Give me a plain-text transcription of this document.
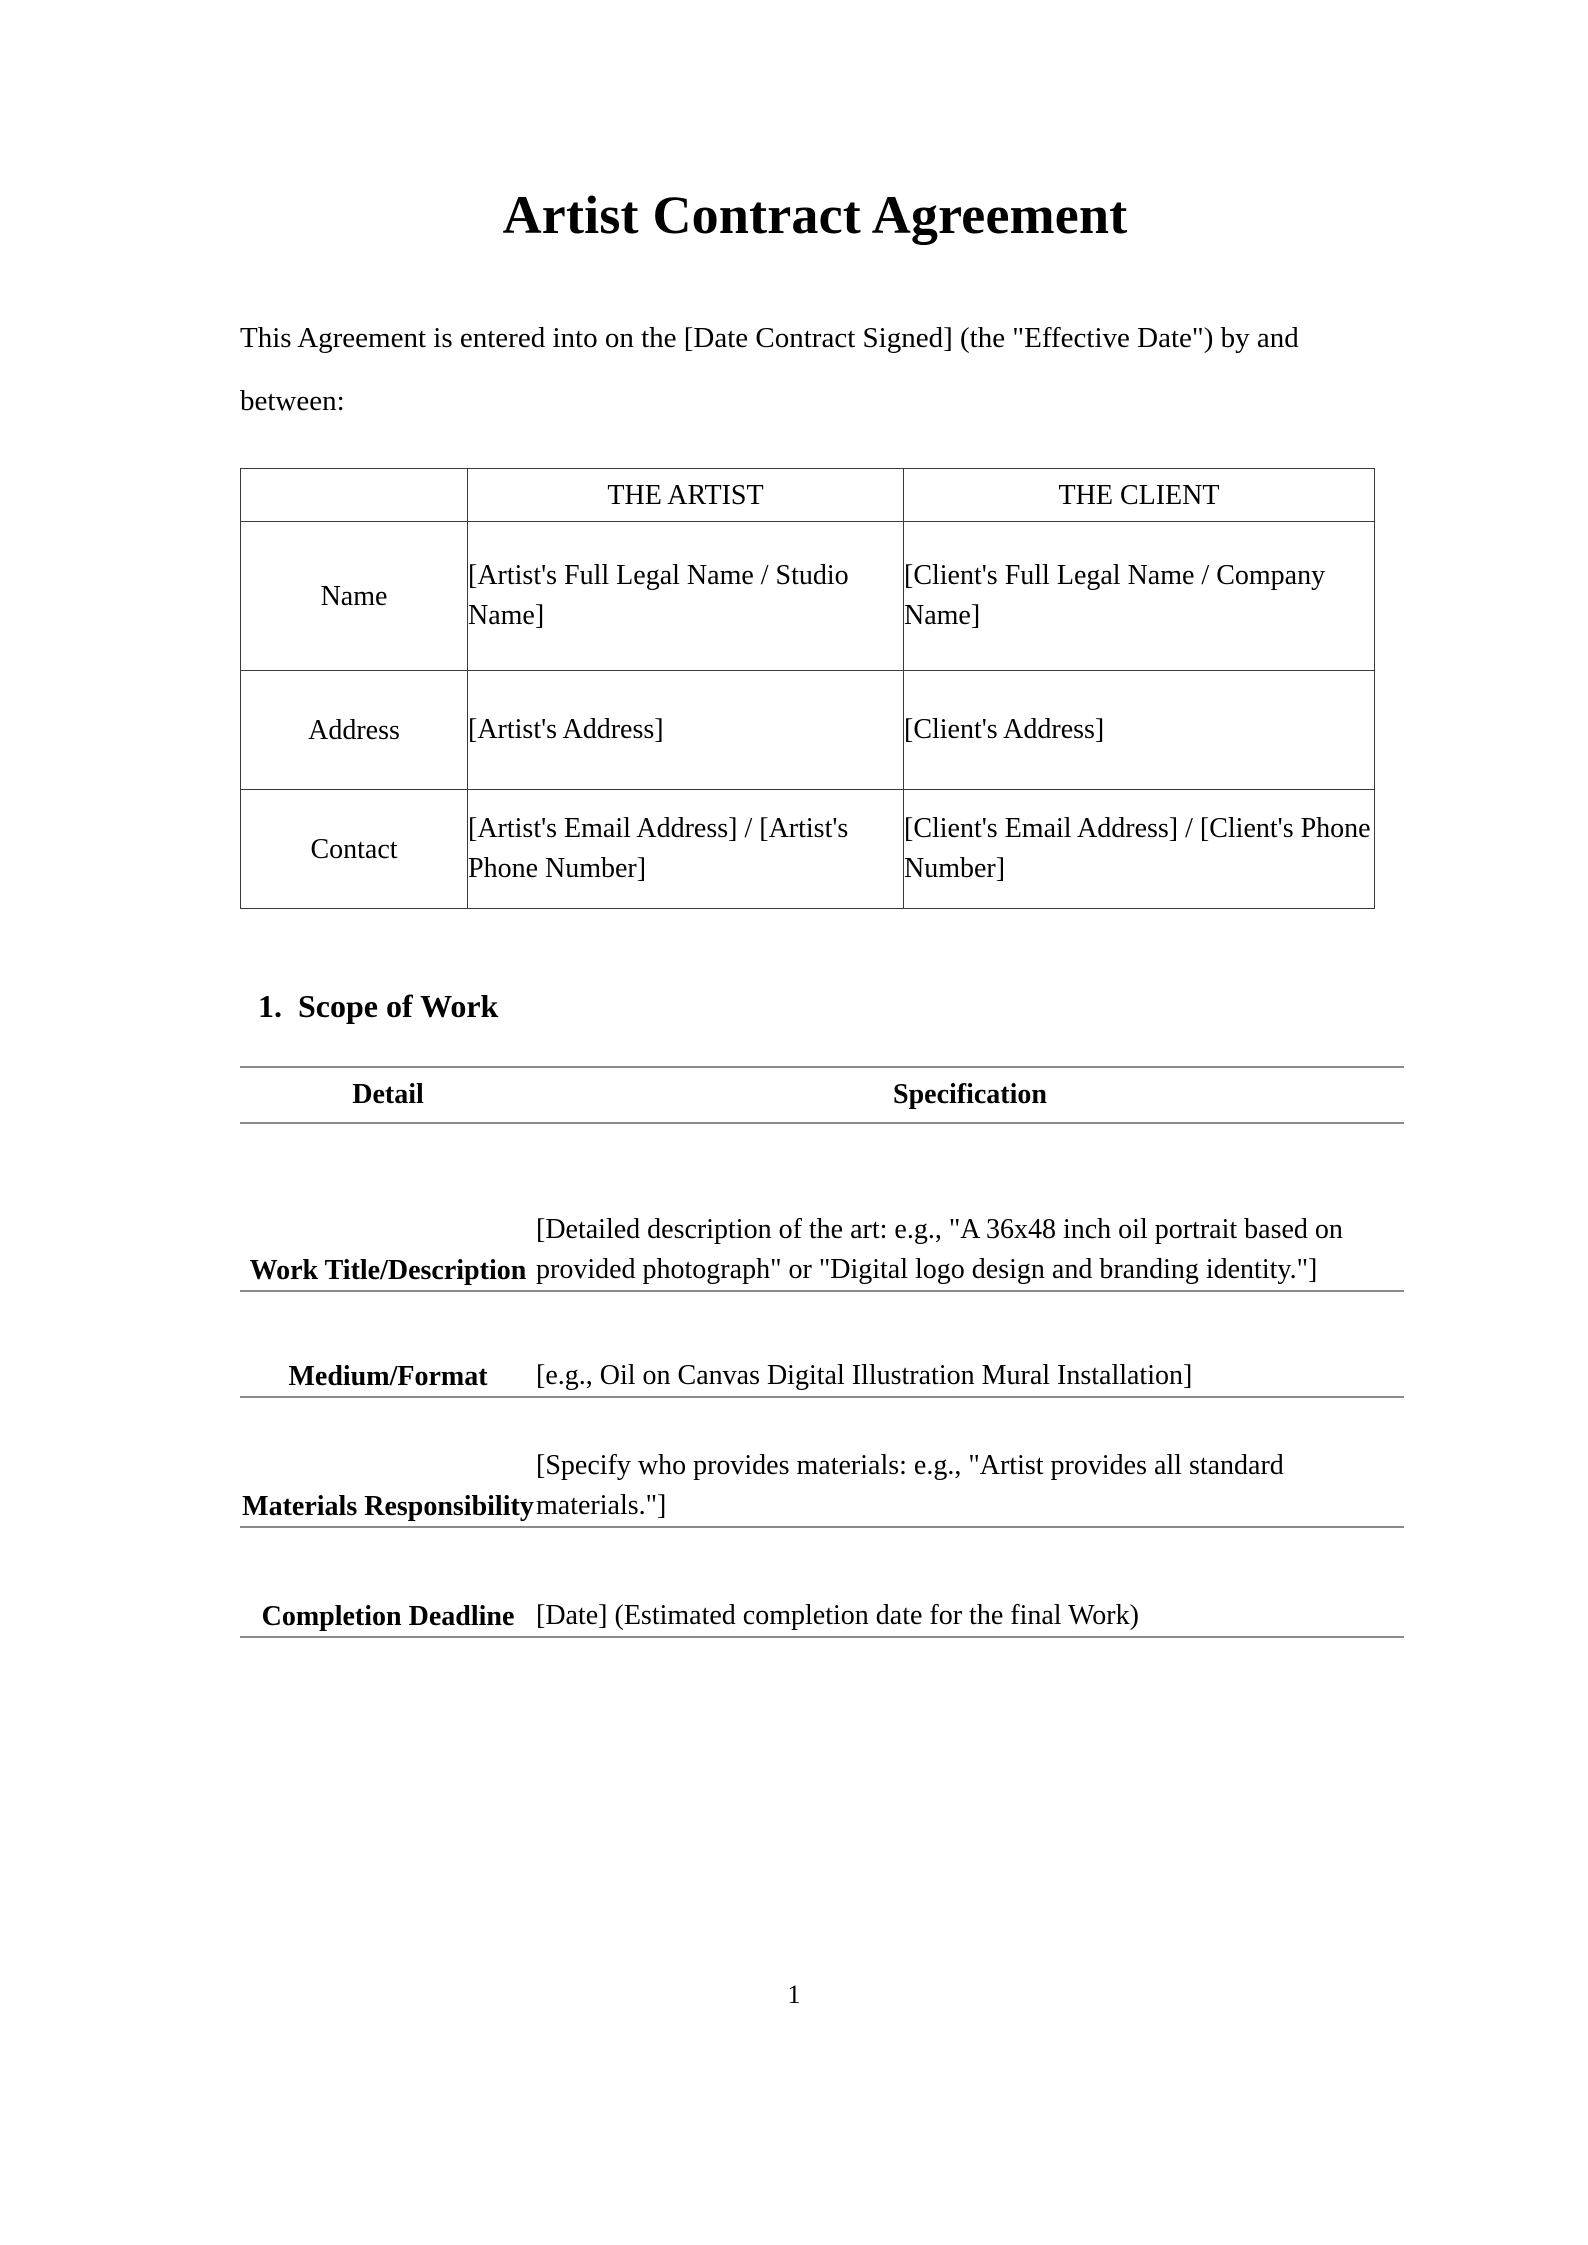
Artist Contract Agreement

This Agreement is entered into on the [Date Contract Signed] (the "Effective Date") by and between:

	THE ARTIST	THE CLIENT
Name	[Artist's Full Legal Name / Studio Name]	[Client's Full Legal Name / Company Name]
Address	[Artist's Address]	[Client's Address]
Contact	[Artist's Email Address] / [Artist's Phone Number]	[Client's Email Address] / [Client's Phone Number]
1. Scope of Work
Detail	Specification
Work Title/Description	[Detailed description of the art: e.g., "A 36x48 inch oil portrait based on provided photograph" or "Digital logo design and branding identity."]
Medium/Format	[e.g., Oil on Canvas Digital Illustration Mural Installation]
Materials Responsibility	[Specify who provides materials: e.g., "Artist provides all standard materials."]
Completion Deadline	[Date] (Estimated completion date for the final Work)
1
